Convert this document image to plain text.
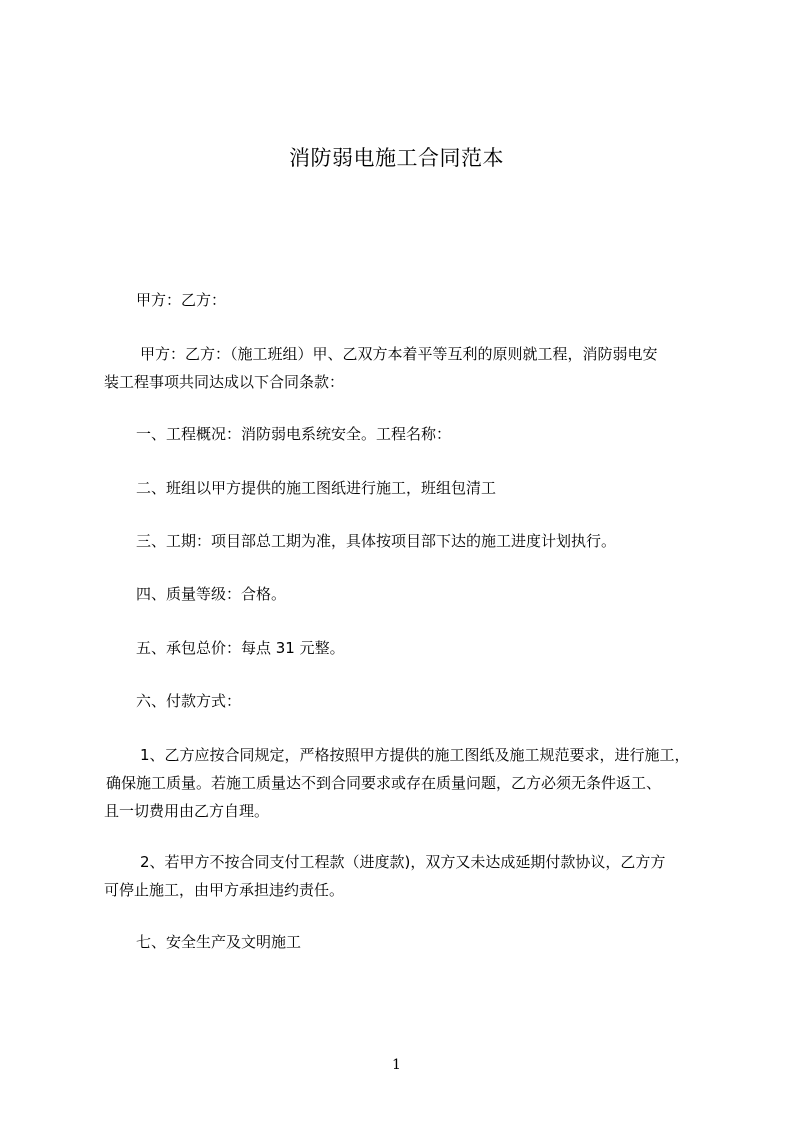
消防弱电施工合同范本
甲方：乙方：
甲方：乙方：（施工班组）甲、乙双方本着平等互利的原则就工程，消防弱电安
装工程事项共同达成以下合同条款：
一、工程概况：消防弱电系统安全。工程名称：
二、班组以甲方提供的施工图纸进行施工，班组包清工
三、工期：项目部总工期为准，具体按项目部下达的施工进度计划执行。
四、质量等级：合格。
五、承包总价：每点 31 元整。
六、付款方式：
1、乙方应按合同规定，严格按照甲方提供的施工图纸及施工规范要求，进行施工，
确保施工质量。若施工质量达不到合同要求或存在质量问题，乙方必须无条件返工、
且一切费用由乙方自理。
2、若甲方不按合同支付工程款（进度款)，双方又未达成延期付款协议，乙方方
可停止施工，由甲方承担违约责任。
七、安全生产及文明施工
1
